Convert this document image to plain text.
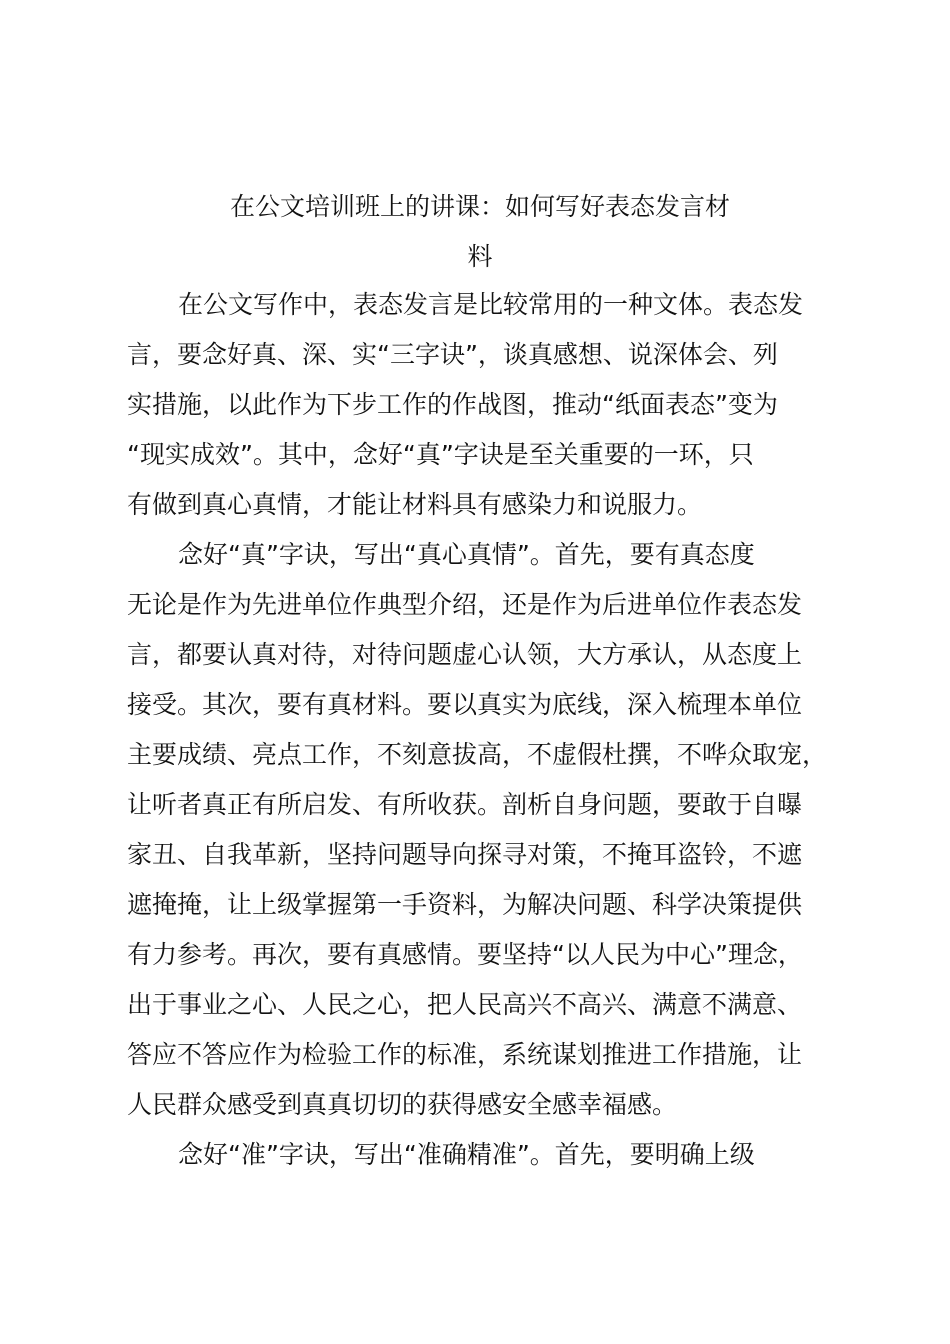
在公文培训班上的讲课：如何写好表态发言材
料
在公文写作中，表态发言是比较常用的一种文体。表态发
言，要念好真、深、实“三字诀”，谈真感想、说深体会、列
实措施，以此作为下步工作的作战图，推动“纸面表态”变为
“现实成效”。其中，念好“真”字诀是至关重要的一环，只
有做到真心真情，才能让材料具有感染力和说服力。
念好“真”字诀，写出“真心真情”。首先，要有真态度
无论是作为先进单位作典型介绍，还是作为后进单位作表态发
言，都要认真对待，对待问题虚心认领，大方承认，从态度上
接受。其次，要有真材料。要以真实为底线，深入梳理本单位
主要成绩、亮点工作，不刻意拔高，不虚假杜撰，不哗众取宠，
让听者真正有所启发、有所收获。剖析自身问题，要敢于自曝
家丑、自我革新，坚持问题导向探寻对策，不掩耳盗铃，不遮
遮掩掩，让上级掌握第一手资料，为解决问题、科学决策提供
有力参考。再次，要有真感情。要坚持“以人民为中心”理念，
出于事业之心、人民之心，把人民高兴不高兴、满意不满意、
答应不答应作为检验工作的标准，系统谋划推进工作措施，让
人民群众感受到真真切切的获得感安全感幸福感。
念好“准”字诀，写出“准确精准”。首先，要明确上级
